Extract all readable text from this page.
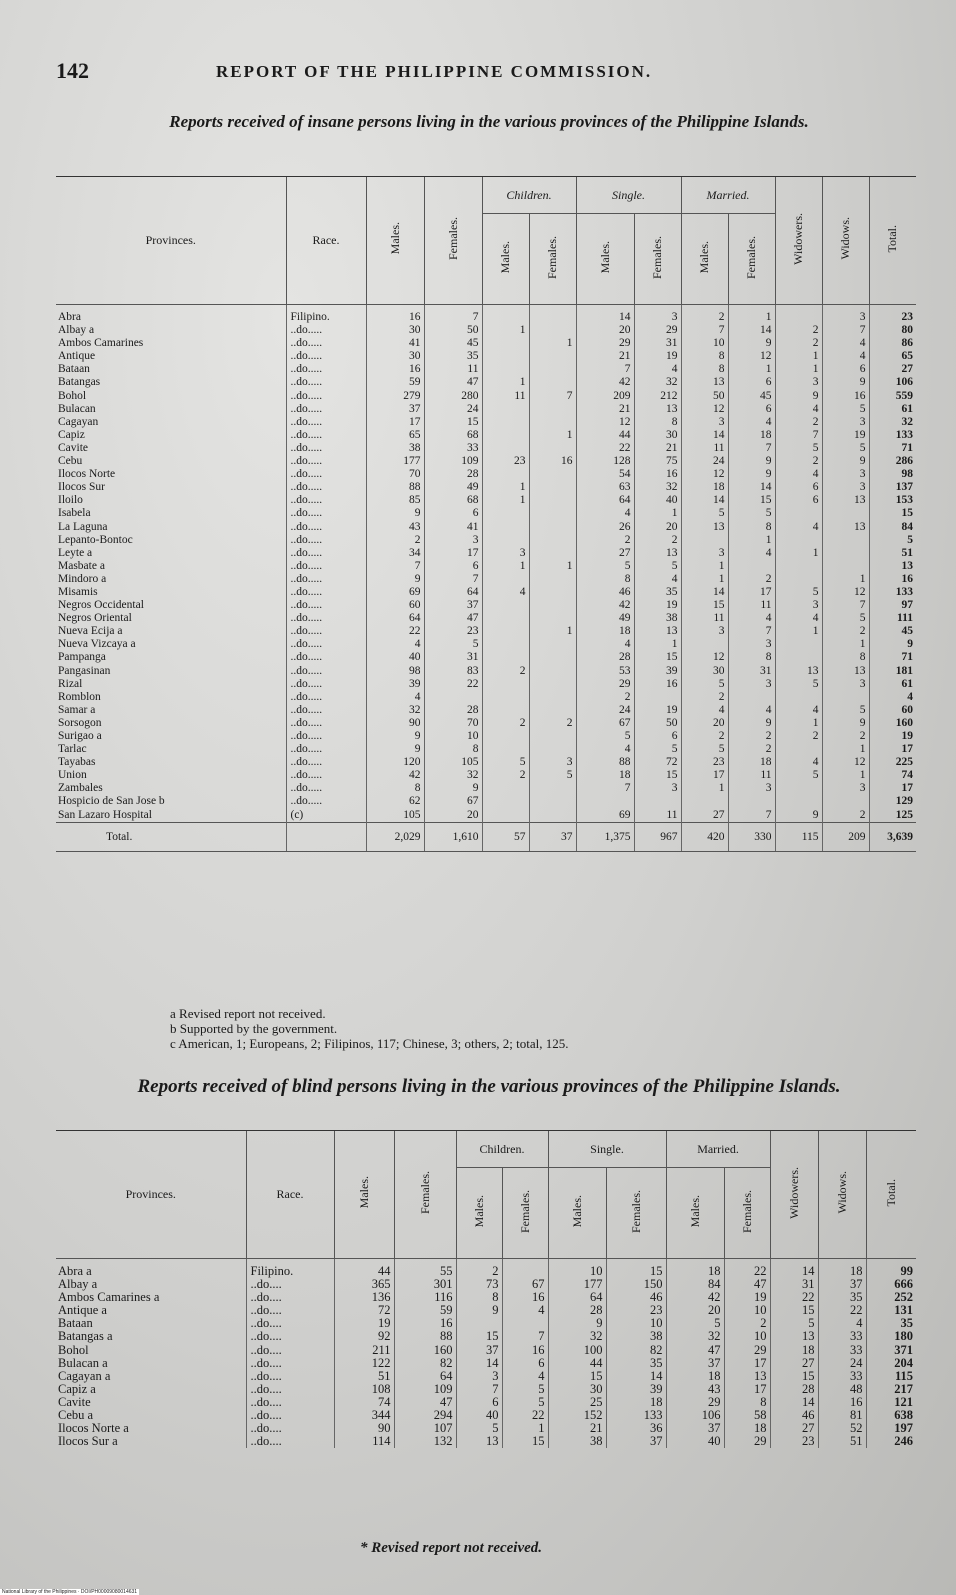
142	REPORT OF THE PHILIPPINE COMMISSION.
Reports received of insane persons living in the various provinces of the Philippine Islands.
Provinces.	Race.	Males.	Females.	Children.		Single.		Married.		Widowers.	Widows.	Total.
				Males.	Females.	Males.	Females.	Males.	Females.			
Abra	Filipino.	16	7			14	3	2	1		3	23
Albay a	..do.....	30	50	1		20	29	7	14	2	7	80
Ambos Camarines	..do.....	41	45		1	29	31	10	9	2	4	86
Antique	..do.....	30	35			21	19	8	12	1	4	65
Bataan	..do.....	16	11			7	4	8	1	1	6	27
Batangas	..do.....	59	47	1		42	32	13	6	3	9	106
Bohol	..do.....	279	280	11	7	209	212	50	45	9	16	559
Bulacan	..do.....	37	24			21	13	12	6	4	5	61
Cagayan	..do.....	17	15			12	8	3	4	2	3	32
Capiz	..do.....	65	68		1	44	30	14	18	7	19	133
Cavite	..do.....	38	33			22	21	11	7	5	5	71
Cebu	..do.....	177	109	23	16	128	75	24	9	2	9	286
Ilocos Norte	..do.....	70	28			54	16	12	9	4	3	98
Ilocos Sur	..do.....	88	49	1		63	32	18	14	6	3	137
Iloilo	..do.....	85	68	1		64	40	14	15	6	13	153
Isabela	..do.....	9	6			4	1	5	5			15
La Laguna	..do.....	43	41			26	20	13	8	4	13	84
Lepanto-Bontoc	..do.....	2	3			2	2		1			5
Leyte a	..do.....	34	17	3		27	13	3	4	1		51
Masbate a	..do.....	7	6	1	1	5	5	1				13
Mindoro a	..do.....	9	7			8	4	1	2		1	16
Misamis	..do.....	69	64	4		46	35	14	17	5	12	133
Negros Occidental	..do.....	60	37			42	19	15	11	3	7	97
Negros Oriental	..do.....	64	47			49	38	11	4	4	5	111
Nueva Ecija a	..do.....	22	23		1	18	13	3	7	1	2	45
Nueva Vizcaya a	..do.....	4	5			4	1		3		1	9
Pampanga	..do.....	40	31			28	15	12	8		8	71
Pangasinan	..do.....	98	83	2		53	39	30	31	13	13	181
Rizal	..do.....	39	22			29	16	5	3	5	3	61
Romblon	..do.....	4				2		2				4
Samar a	..do.....	32	28			24	19	4	4	4	5	60
Sorsogon	..do.....	90	70	2	2	67	50	20	9	1	9	160
Surigao a	..do.....	9	10			5	6	2	2	2	2	19
Tarlac	..do.....	9	8			4	5	5	2		1	17
Tayabas	..do.....	120	105	5	3	88	72	23	18	4	12	225
Union	..do.....	42	32	2	5	18	15	17	11	5	1	74
Zambales	..do.....	8	9			7	3	1	3		3	17
Hospicio de San Jose b	..do.....	62	67									129
San Lazaro Hospital	(c)	105	20			69	11	27	7	9	2	125
Total.		2,029	1,610	57	37	1,375	967	420	330	115	209	3,639
a Revised report not received.
b Supported by the government.
c American, 1; Europeans, 2; Filipinos, 117; Chinese, 3; others, 2; total, 125.
Reports received of blind persons living in the various provinces of the Philippine Islands.
Provinces.	Race.	Males.	Females.	Children.		Single.		Married.		Widowers.	Widows.	Total.
				Males.	Females.	Males.	Females.	Males.	Females.			
Abra a	Filipino.	44	55	2		10	15	18	22	14	18	99
Albay a	..do....	365	301	73	67	177	150	84	47	31	37	666
Ambos Camarines a	..do....	136	116	8	16	64	46	42	19	22	35	252
Antique a	..do....	72	59	9	4	28	23	20	10	15	22	131
Bataan	..do....	19	16			9	10	5	2	5	4	35
Batangas a	..do....	92	88	15	7	32	38	32	10	13	33	180
Bohol	..do....	211	160	37	16	100	82	47	29	18	33	371
Bulacan a	..do....	122	82	14	6	44	35	37	17	27	24	204
Cagayan a	..do....	51	64	3	4	15	14	18	13	15	33	115
Capiz a	..do....	108	109	7	5	30	39	43	17	28	48	217
Cavite	..do....	74	47	6	5	25	18	29	8	14	16	121
Cebu a	..do....	344	294	40	22	152	133	106	58	46	81	638
Ilocos Norte a	..do....	90	107	5	1	21	36	37	18	27	52	197
Ilocos Sur a	..do....	114	132	13	15	38	37	40	29	23	51	246
* Revised report not received.
National Library of the Philippines · DOI/PH00009080014631
